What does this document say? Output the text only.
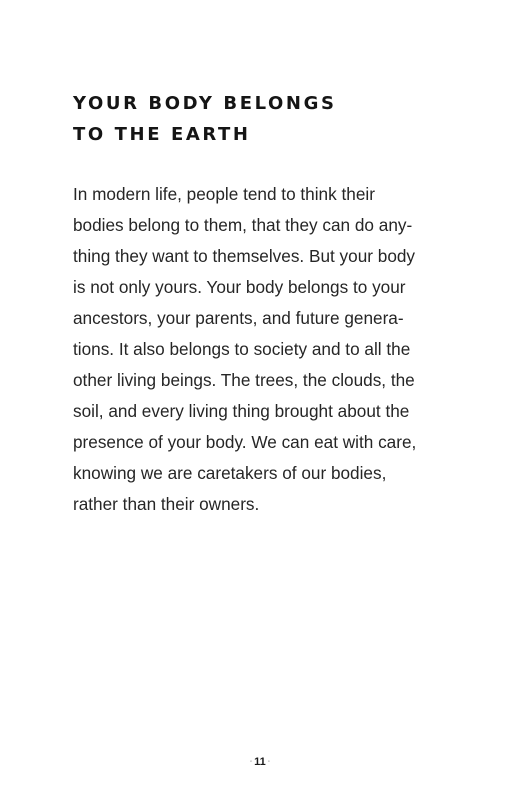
YOUR BODY BELONGS
TO THE EARTH
In modern life, people tend to think their
bodies belong to them, that they can do any-
thing they want to themselves. But your body
is not only yours. Your body belongs to your
ancestors, your parents, and future genera-
tions. It also belongs to society and to all the
other living beings. The trees, the clouds, the
soil, and every living thing brought about the
presence of your body. We can eat with care,
knowing we are caretakers of our bodies,
rather than their owners.
◦ 11 ◦
